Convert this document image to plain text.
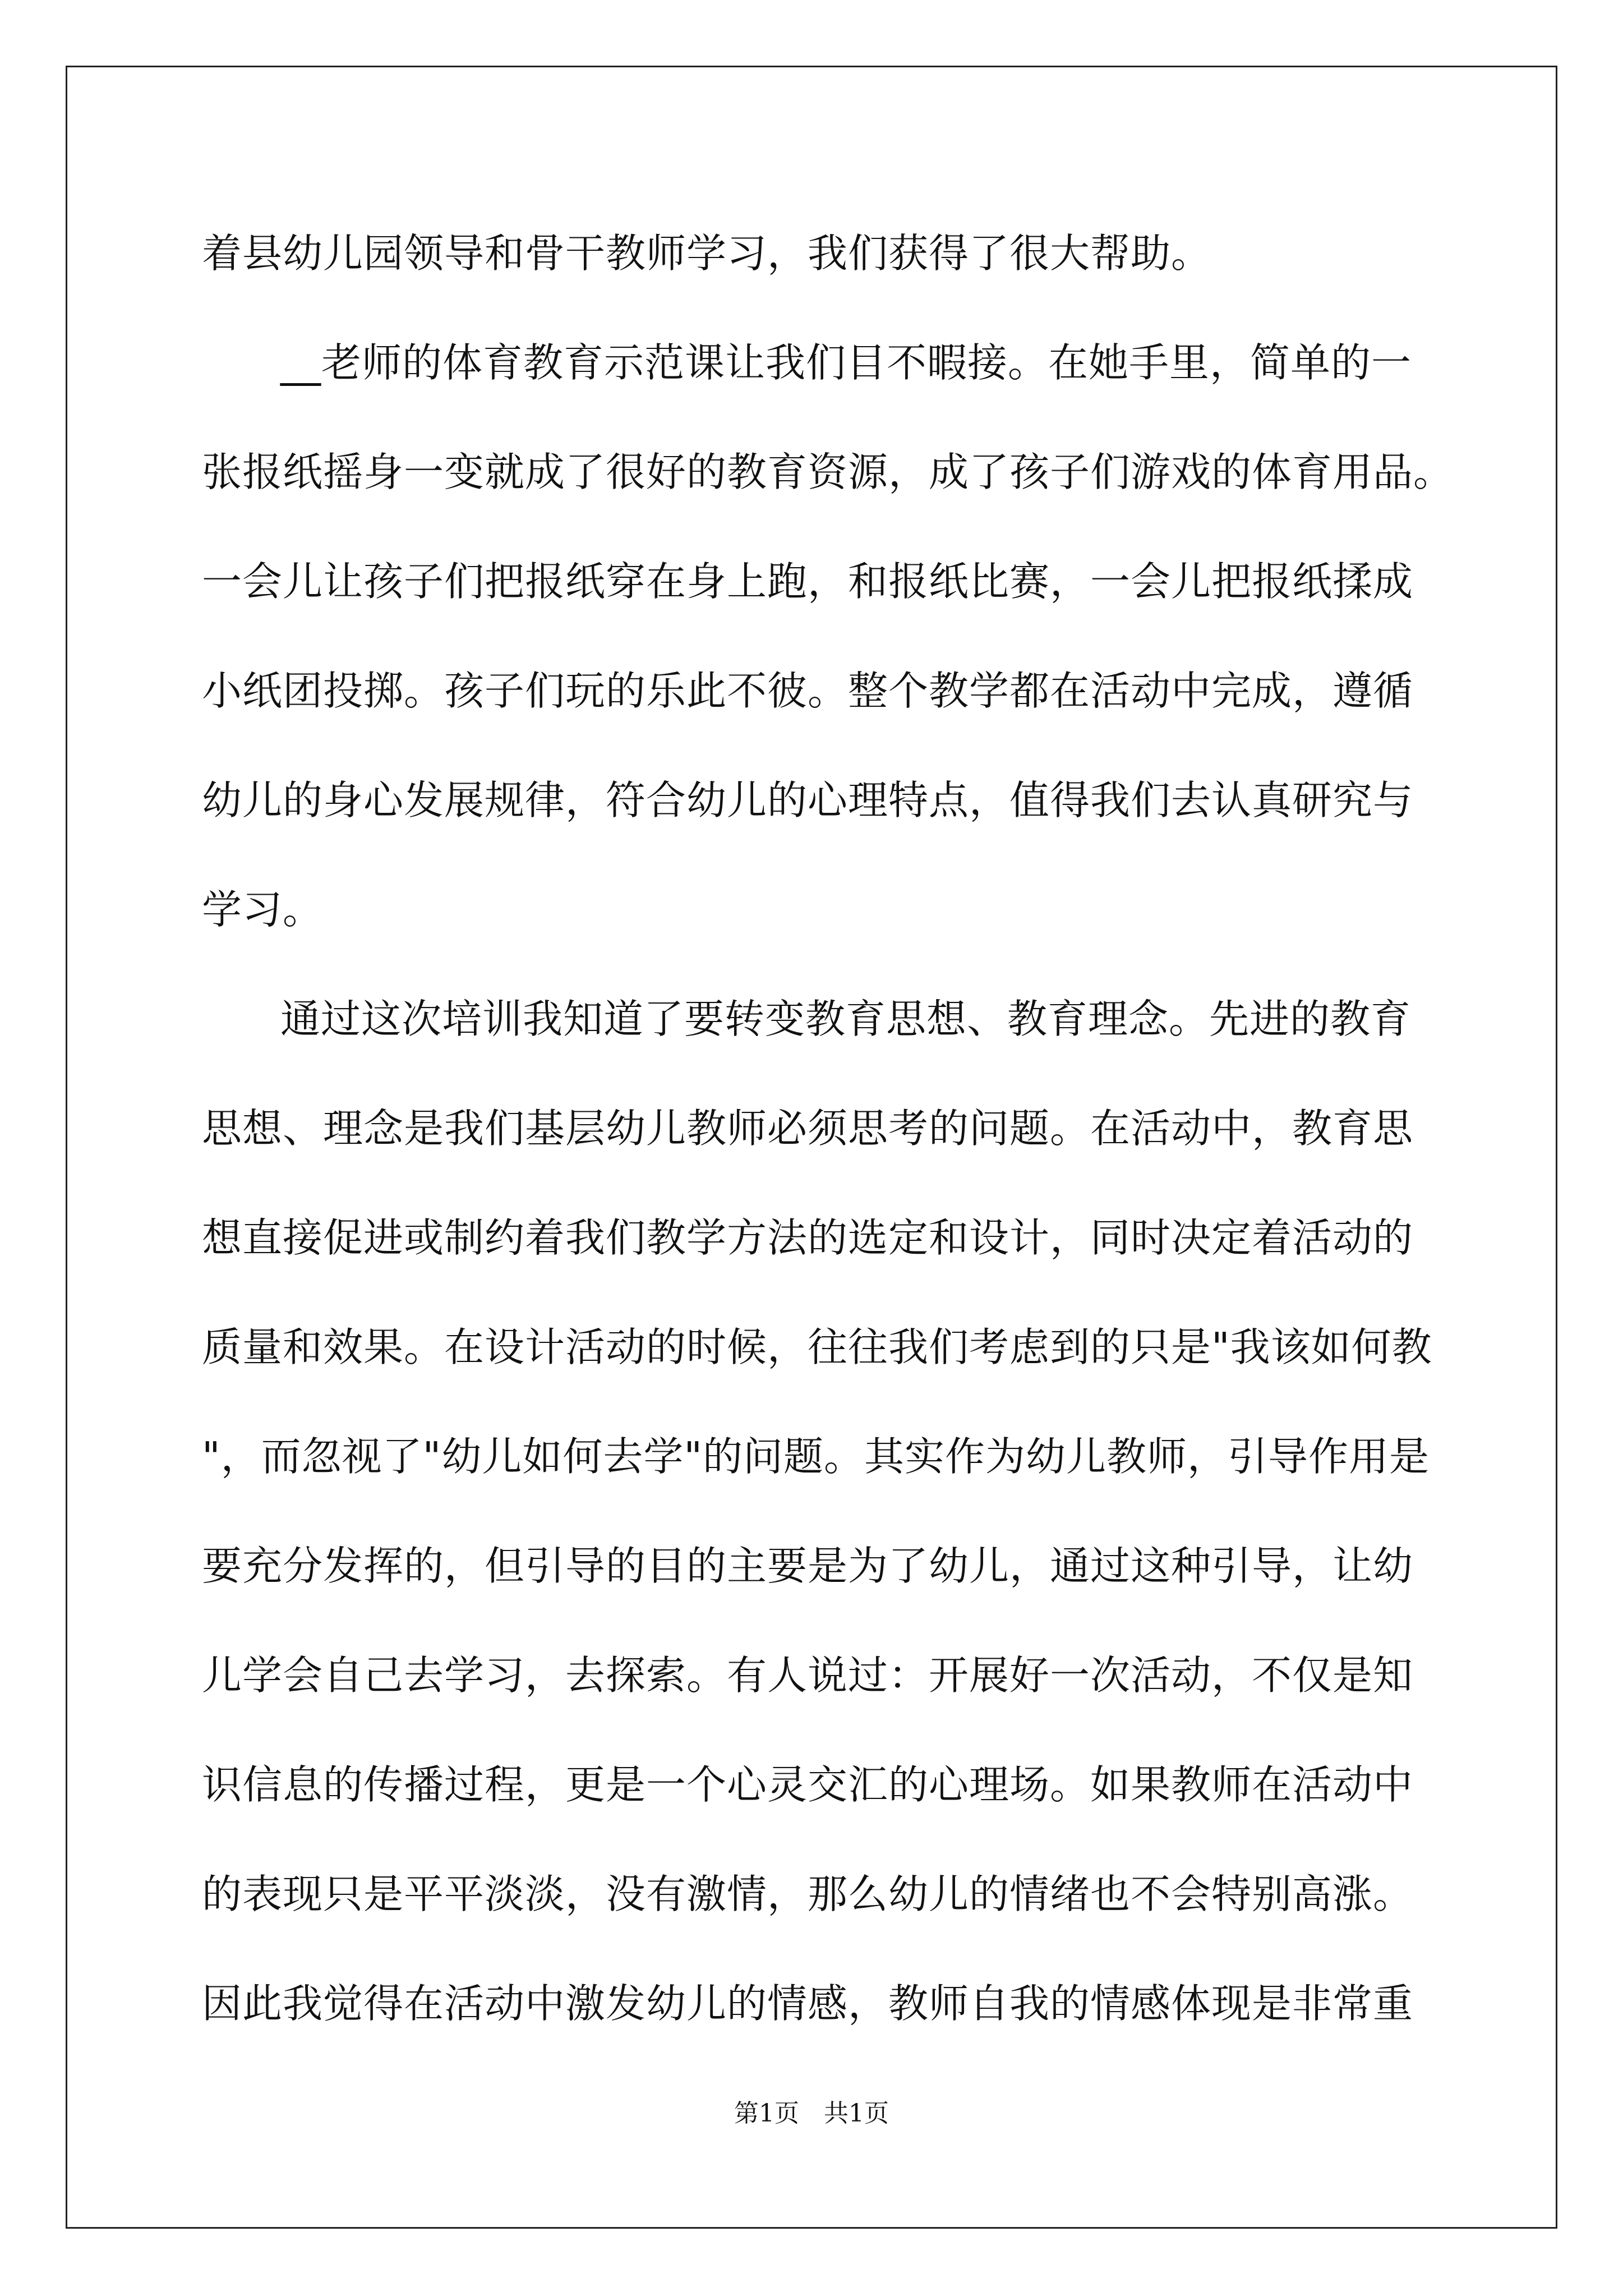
着县幼儿园领导和骨干教师学习，我们获得了很大帮助。
__老师的体育教育示范课让我们目不暇接。在她手里，简单的一
张报纸摇身一变就成了很好的教育资源，成了孩子们游戏的体育用品。
一会儿让孩子们把报纸穿在身上跑，和报纸比赛，一会儿把报纸揉成
小纸团投掷。孩子们玩的乐此不彼。整个教学都在活动中完成，遵循
幼儿的身心发展规律，符合幼儿的心理特点，值得我们去认真研究与
学习。
通过这次培训我知道了要转变教育思想、教育理念。先进的教育
思想、理念是我们基层幼儿教师必须思考的问题。在活动中，教育思
想直接促进或制约着我们教学方法的选定和设计，同时决定着活动的
质量和效果。在设计活动的时候，往往我们考虑到的只是"我该如何教
"，而忽视了"幼儿如何去学"的问题。其实作为幼儿教师，引导作用是
要充分发挥的，但引导的目的主要是为了幼儿，通过这种引导，让幼
儿学会自己去学习，去探索。有人说过：开展好一次活动，不仅是知
识信息的传播过程，更是一个心灵交汇的心理场。如果教师在活动中
的表现只是平平淡淡，没有激情，那么幼儿的情绪也不会特别高涨。
因此我觉得在活动中激发幼儿的情感，教师自我的情感体现是非常重
第1页　共1页
